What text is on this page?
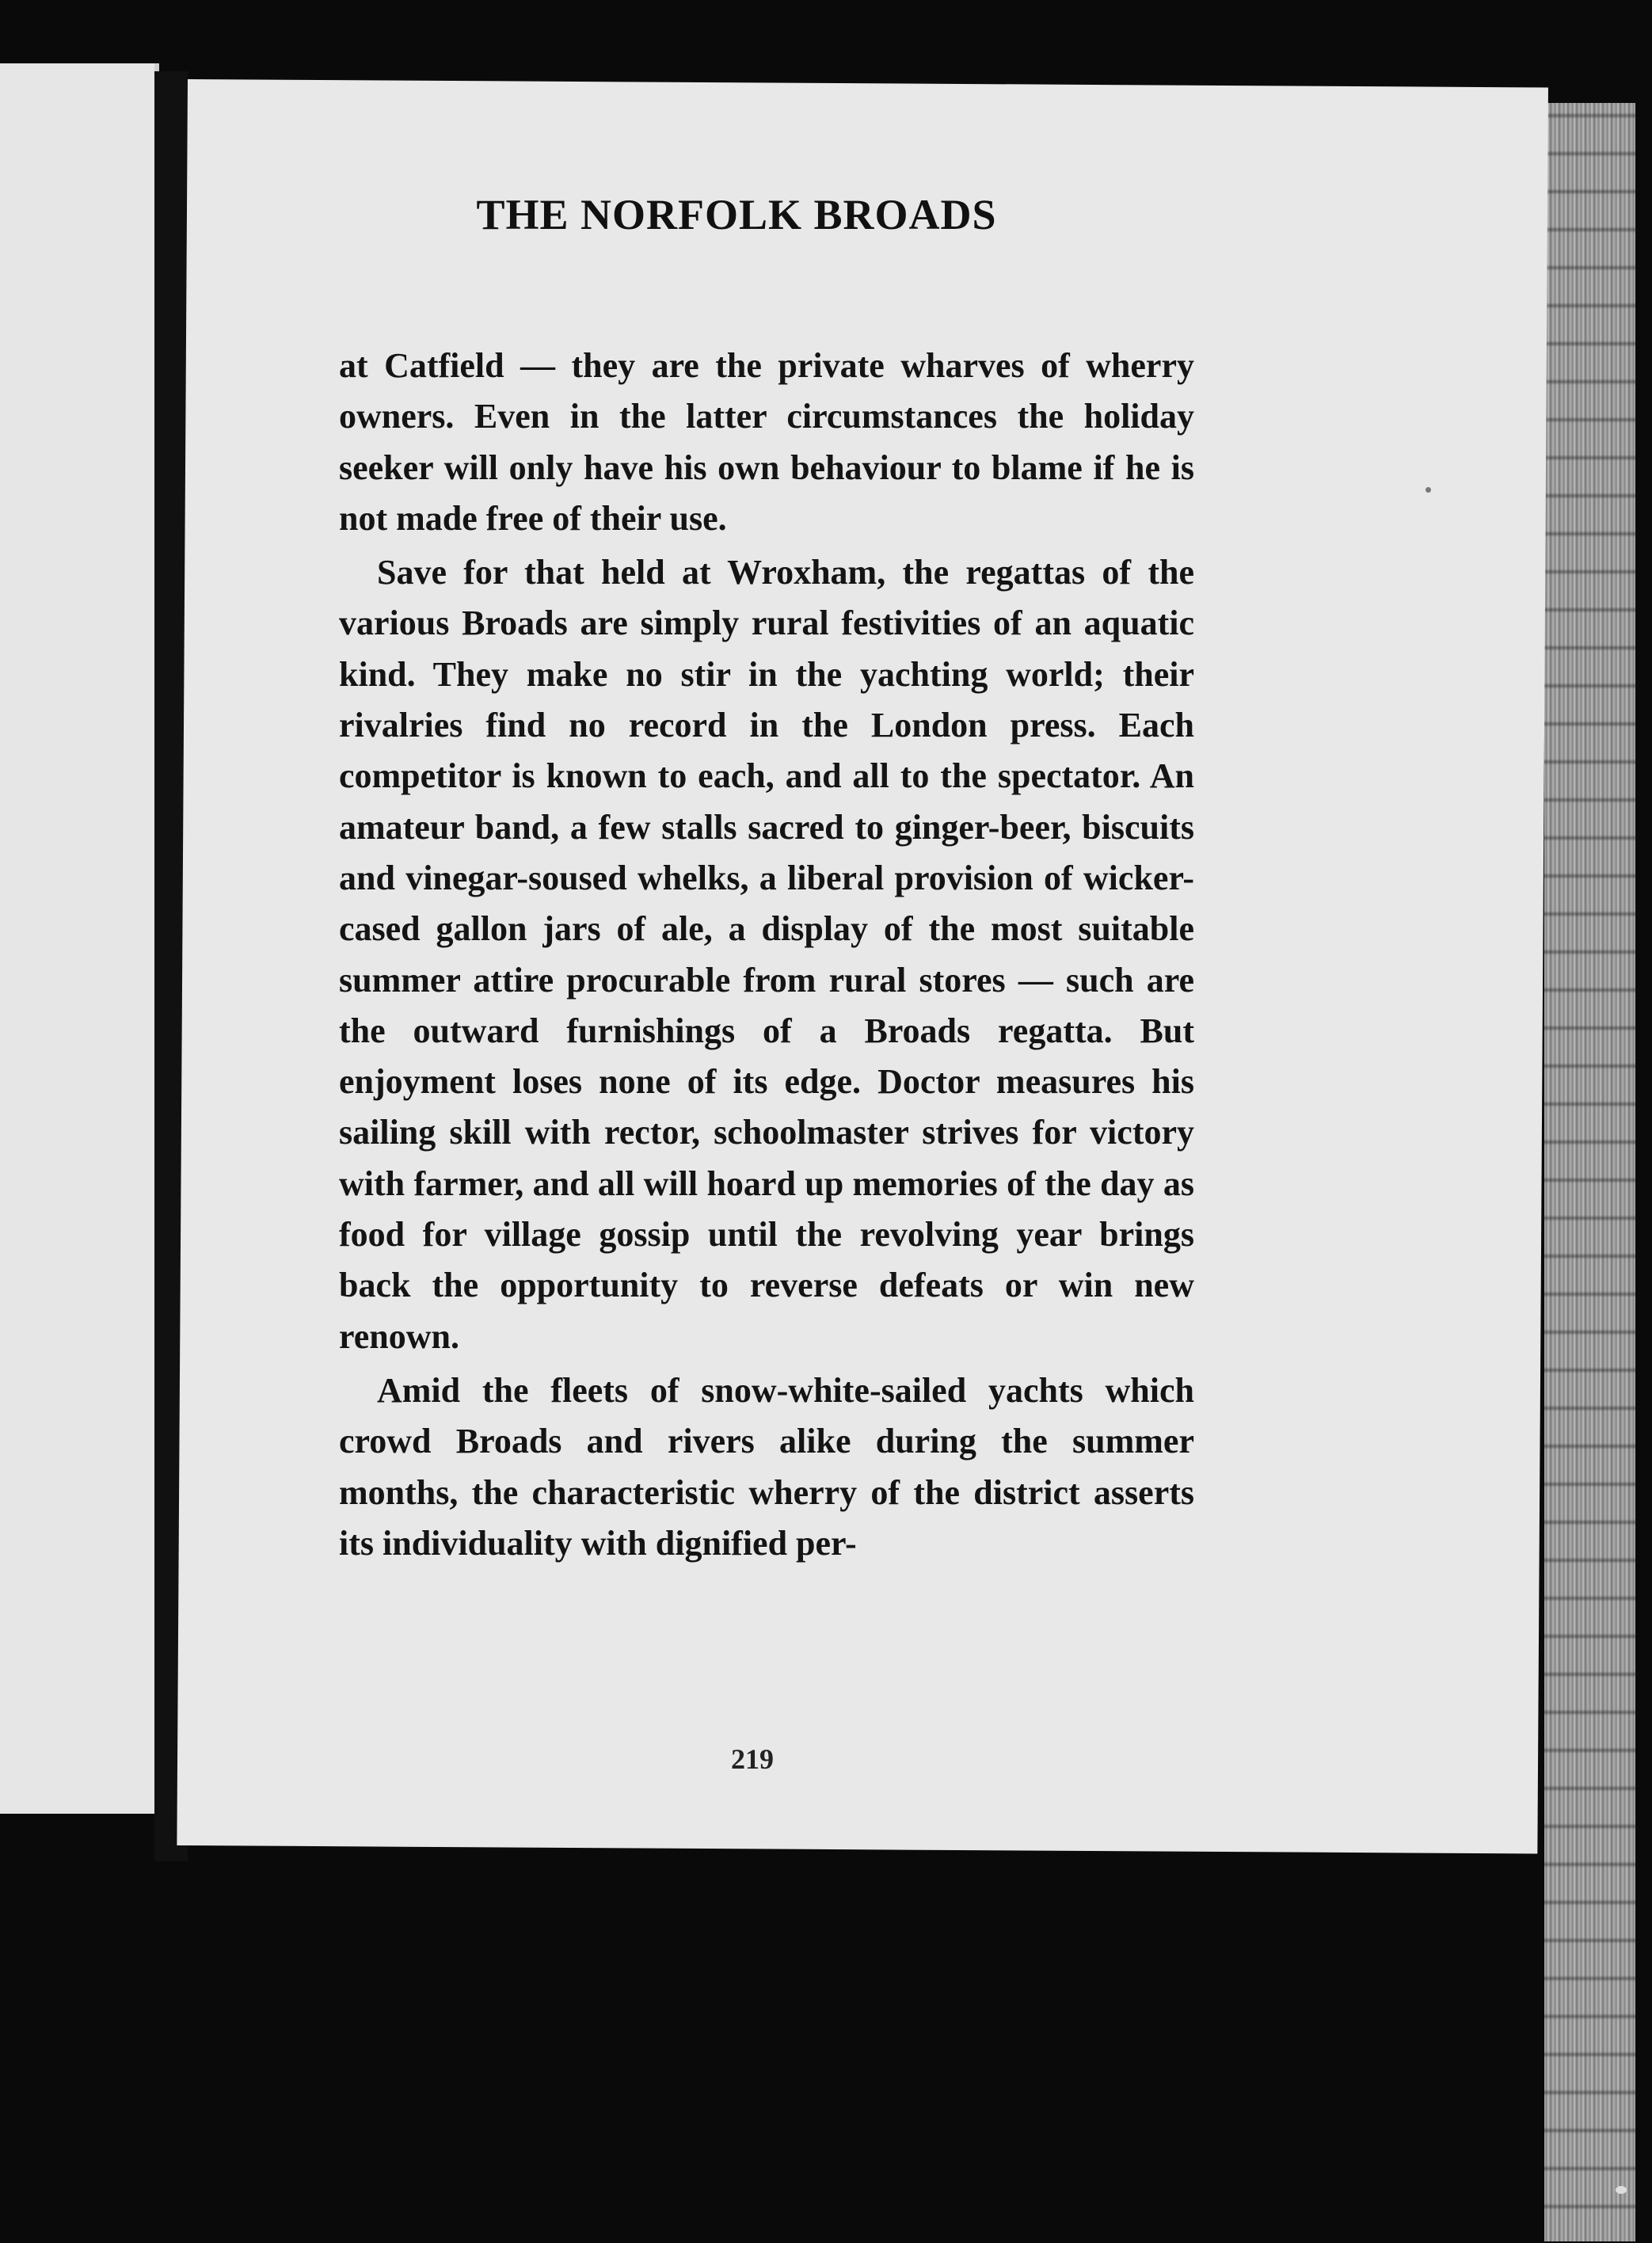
THE NORFOLK BROADS

at Catfield — they are the private wharves of wherry owners. Even in the latter circumstances the holiday seeker will only have his own behaviour to blame if he is not made free of their use.

Save for that held at Wroxham, the regattas of the various Broads are simply rural festivities of an aquatic kind. They make no stir in the yachting world; their rivalries find no record in the London press. Each competitor is known to each, and all to the spectator. An amateur band, a few stalls sacred to ginger-beer, biscuits and vinegar-soused whelks, a liberal provision of wicker-cased gallon jars of ale, a display of the most suitable summer attire procurable from rural stores — such are the outward furnishings of a Broads regatta. But enjoyment loses none of its edge. Doctor measures his sailing skill with rector, schoolmaster strives for victory with farmer, and all will hoard up memories of the day as food for village gossip until the revolving year brings back the opportunity to reverse defeats or win new renown.

Amid the fleets of snow-white-sailed yachts which crowd Broads and rivers alike during the summer months, the characteristic wherry of the district asserts its individuality with dignified per-

219
